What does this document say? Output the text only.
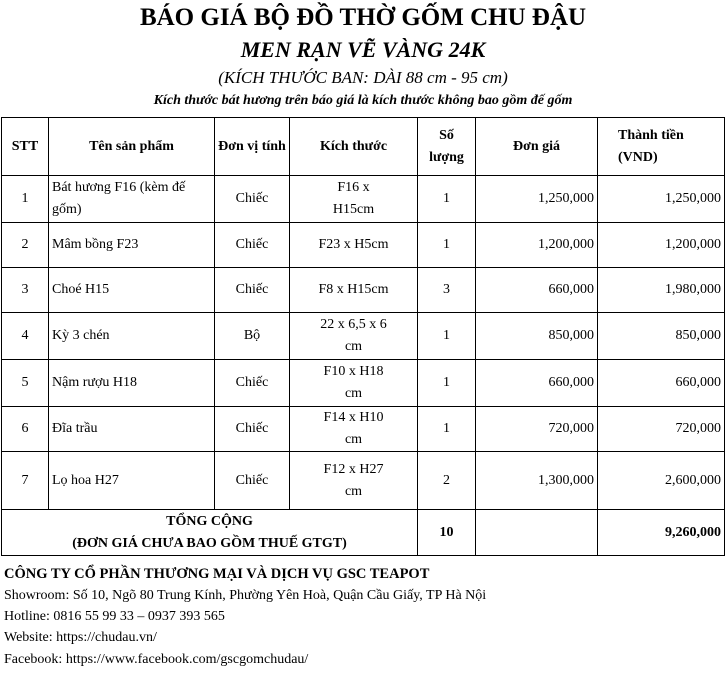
BÁO GIÁ BỘ ĐỒ THỜ GỐM CHU ĐẬU
MEN RẠN VẼ VÀNG 24K
(KÍCH THƯỚC BAN: DÀI 88 cm - 95 cm)
Kích thước bát hương trên báo giá là kích thước không bao gồm đế gốm
STT	Tên sản phẩm	Đơn vị tính	Kích thước	Số lượng	Đơn giá	Thành tiền (VND)
1	Bát hương F16 (kèm đế gốm)	Chiếc	F16 x H15cm	1	1,250,000	1,250,000
2	Mâm bồng F23	Chiếc	F23 x H5cm	1	1,200,000	1,200,000
3	Choé H15	Chiếc	F8 x H15cm	3	660,000	1,980,000
4	Kỳ 3 chén	Bộ	22 x 6,5 x 6 cm	1	850,000	850,000
5	Nậm rượu H18	Chiếc	F10 x H18 cm	1	660,000	660,000
6	Đĩa trầu	Chiếc	F14 x H10 cm	1	720,000	720,000
7	Lọ hoa H27	Chiếc	F12 x H27 cm	2	1,300,000	2,600,000

TỔNG CỘNG
(ĐƠN GIÁ CHƯA BAO GỒM THUẾ GTGT)				10		9,260,000
CÔNG TY CỔ PHẦN THƯƠNG MẠI VÀ DỊCH VỤ GSC TEAPOT
Showroom: Số 10, Ngõ 80 Trung Kính, Phường Yên Hoà, Quận Cầu Giấy, TP Hà Nội
Hotline: 0816 55 99 33 – 0937 393 565
Website: https://chudau.vn/
Facebook: https://www.facebook.com/gscgomchudau/
